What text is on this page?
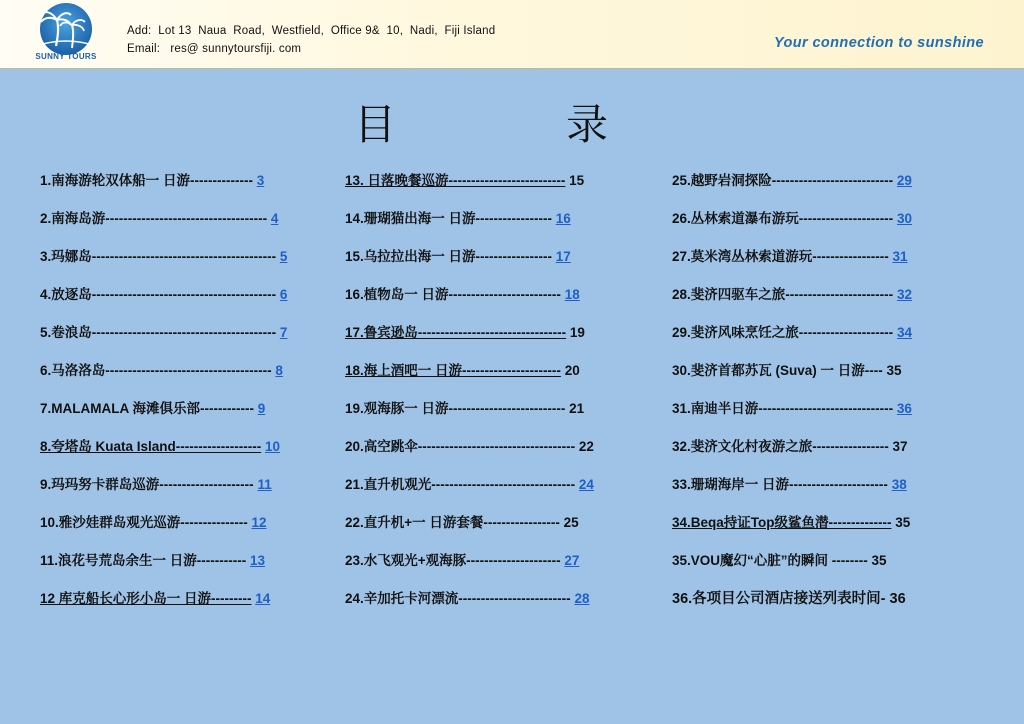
SUNNY TOURS
Add:  Lot 13  Naua  Road,  Westfield,  Office 9&  10,  Nadi,  Fiji Island
Email:   res@ sunnytoursfiji. com	Your connection to sunshine
目	录
1.南海游轮双体船一 日游-------------- 3
2.南海岛游------------------------------------ 4
3.玛娜岛----------------------------------------- 5
4.放逐岛----------------------------------------- 6
5.卷浪岛----------------------------------------- 7
6.马洛洛岛------------------------------------- 8
7.MALAMALA 海滩俱乐部------------ 9
8.夸塔岛 Kuata Island------------------- 10
9.玛玛努卡群岛巡游--------------------- 11
10.雅沙娃群岛观光巡游--------------- 12
11.浪花号荒岛余生一 日游----------- 13
12 库克船长心形小岛一 日游--------- 14
13. 日落晚餐巡游-------------------------- 15
14.珊瑚猫出海一 日游----------------- 16
15.乌拉拉出海一 日游----------------- 17
16.植物岛一 日游------------------------- 18
17.鲁宾逊岛--------------------------------- 19
18.海上酒吧一 日游---------------------- 20
19.观海豚一 日游-------------------------- 21
20.高空跳伞----------------------------------- 22
21.直升机观光-------------------------------- 24
22.直升机+一 日游套餐----------------- 25
23.水飞观光+观海豚--------------------- 27
24.辛加托卡河漂流------------------------- 28
25.越野岩洞探险--------------------------- 29
26.丛林索道瀑布游玩--------------------- 30
27.莫米湾丛林索道游玩----------------- 31
28.斐济四驱车之旅------------------------ 32
29.斐济风味烹饪之旅--------------------- 34
30.斐济首都苏瓦 (Suva) 一 日游---- 35
31.南迪半日游------------------------------ 36
32.斐济文化村夜游之旅----------------- 37
33.珊瑚海岸一 日游---------------------- 38
34.Beqa持证Top级鲨鱼潜-------------- 35
35.VOU魔幻“心脏”的瞬间 -------- 35
36.各项目公司酒店接送列表时间- 36
